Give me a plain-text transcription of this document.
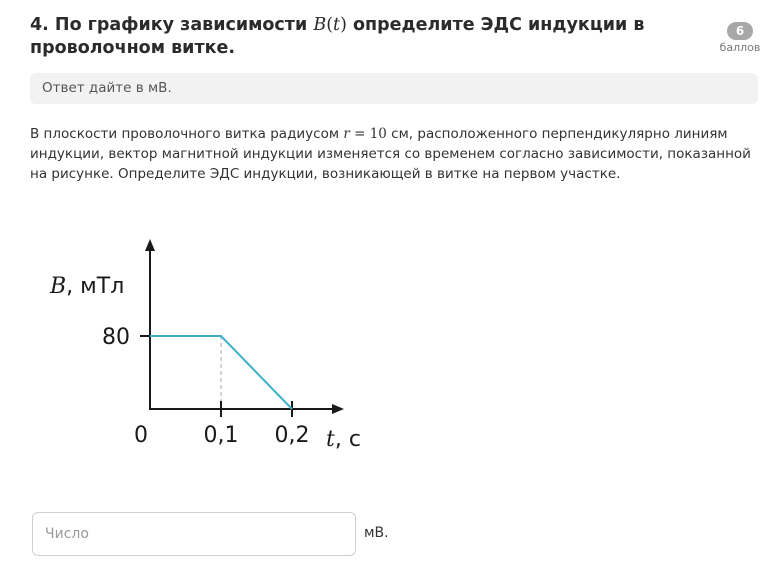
4. По графику зависимости B(t) определите ЭДС индукции в проволочном витке.
6
баллов
Ответ дайте в мВ.
В плоскости проволочного витка радиусом r = 10 см, расположенного перпендикулярно линиям индукции, вектор магнитной индукции изменяется со временем согласно зависимости, показанной на рисунке. Определите ЭДС индукции, возникающей в витке на первом участке.
B, мТл
80
0	0,1 0,2 t, с
Число
мВ.
